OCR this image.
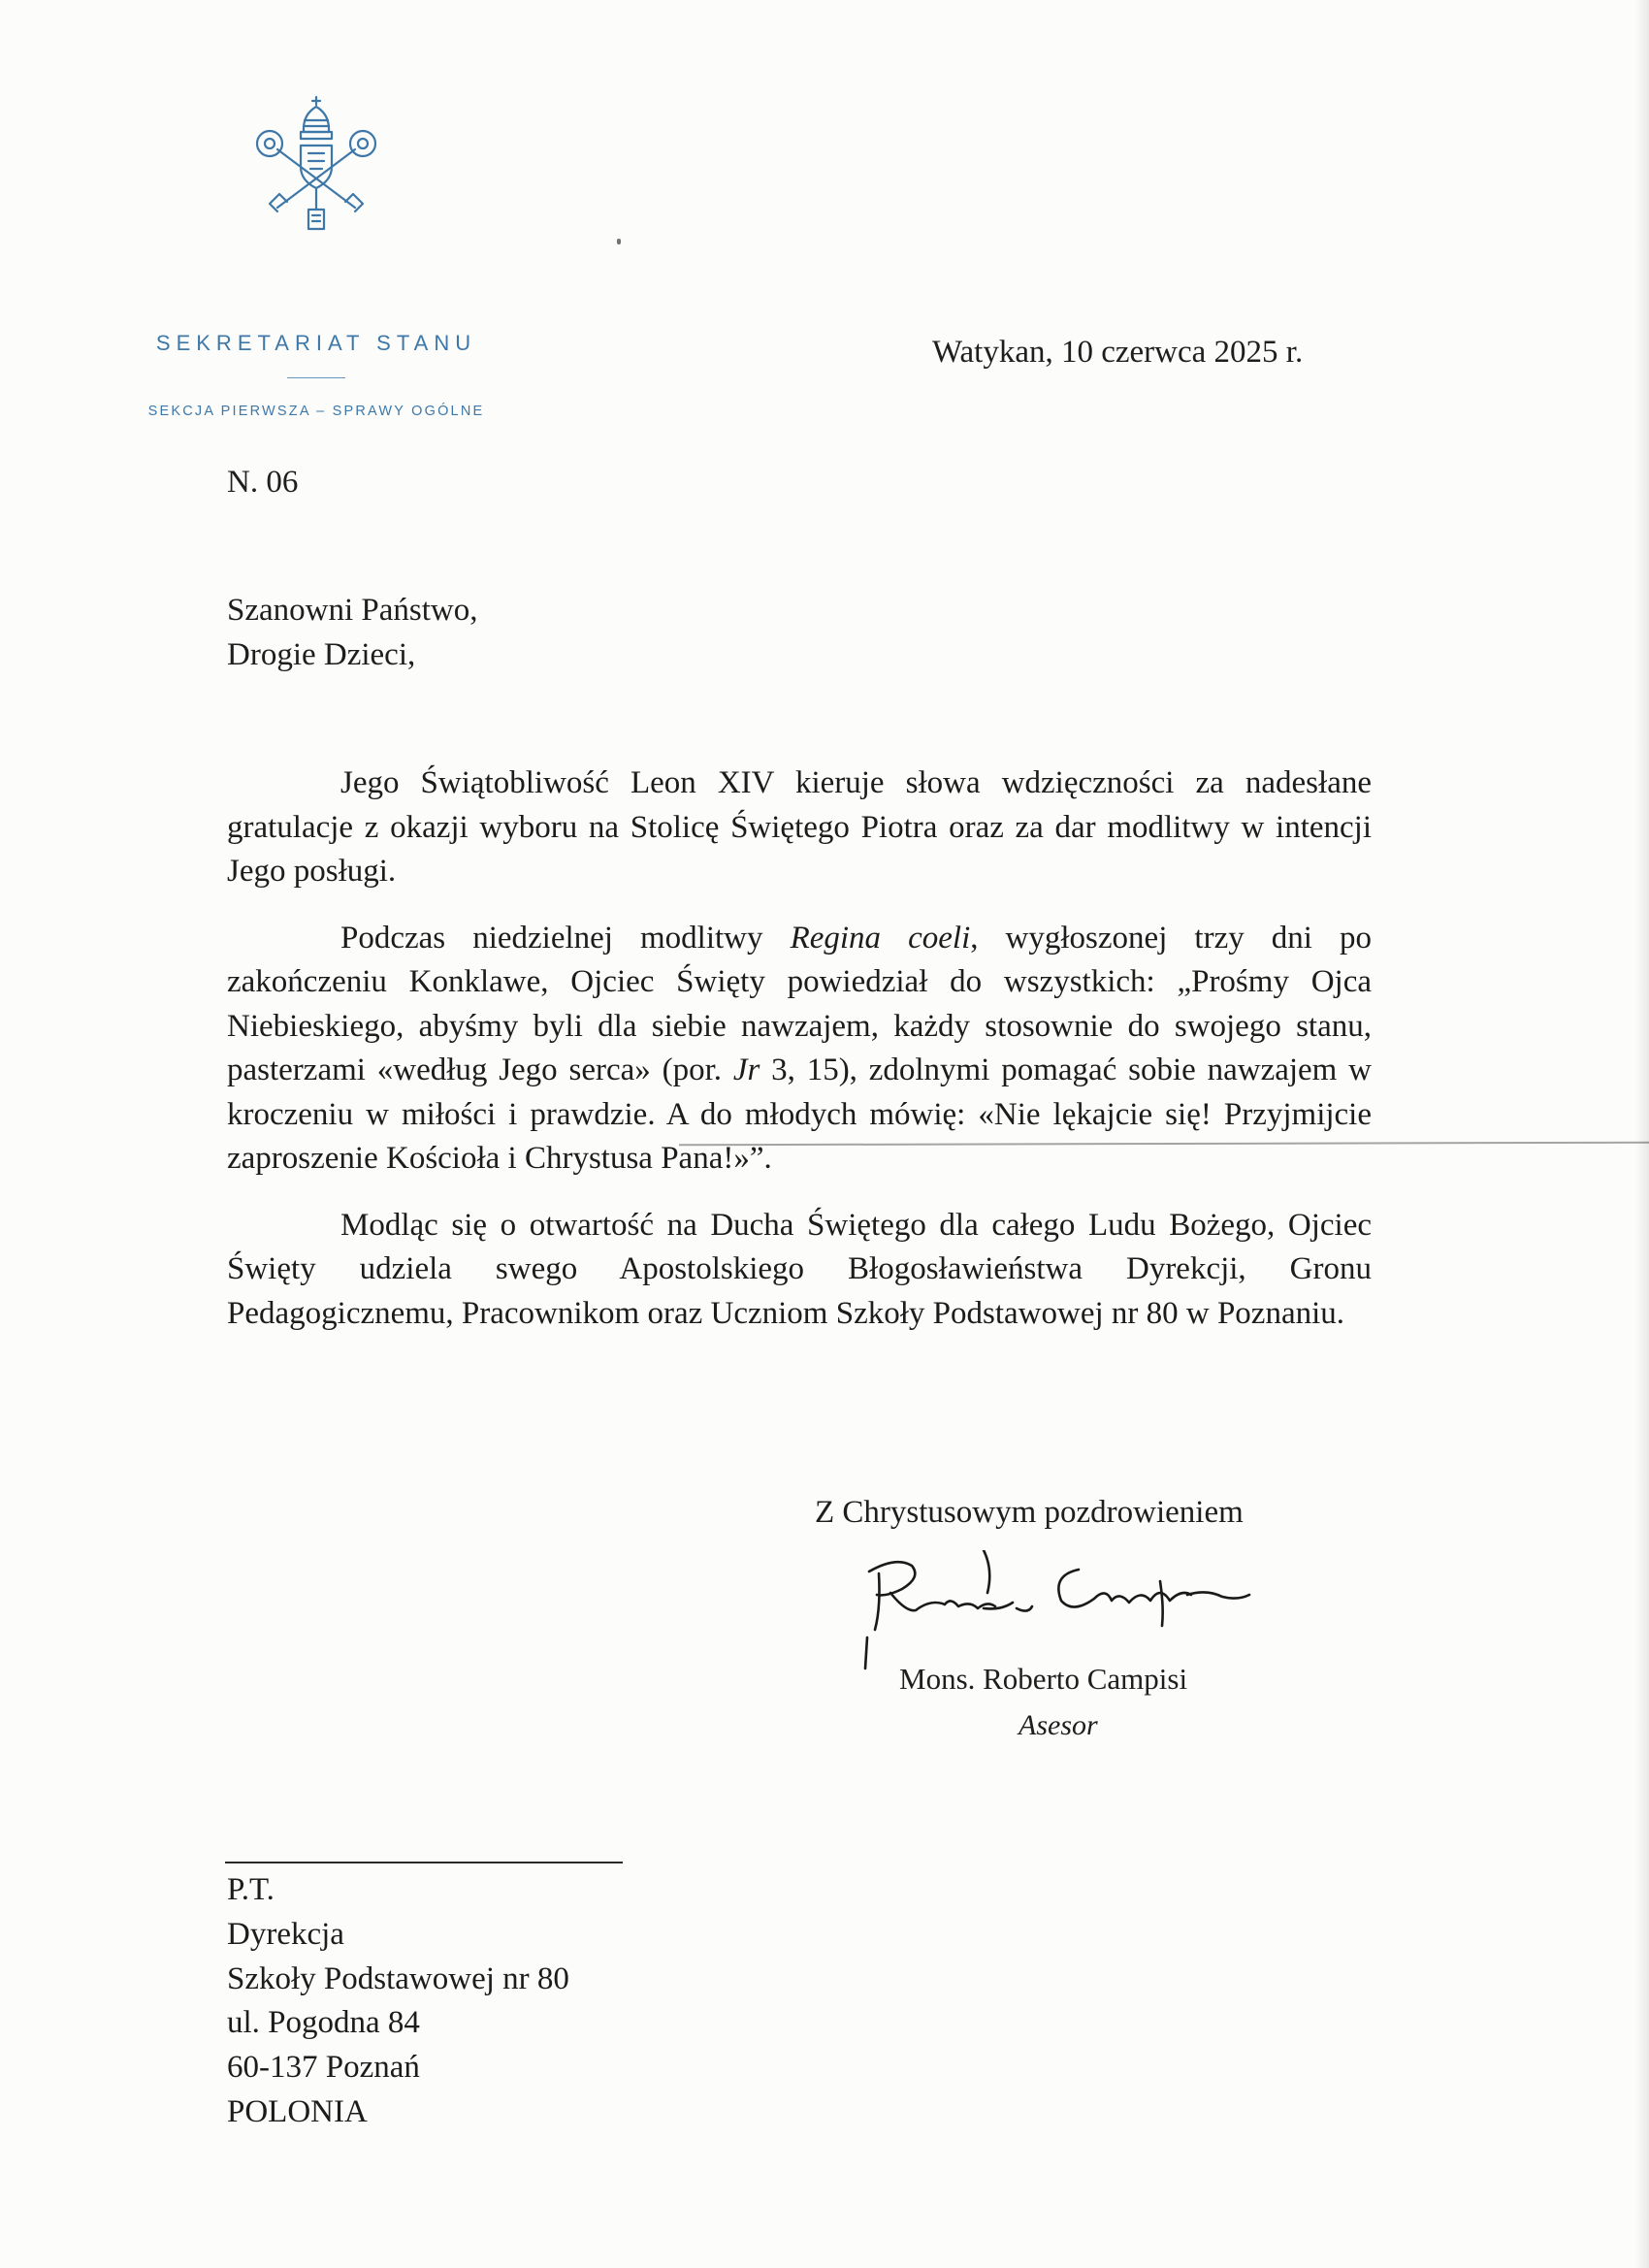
SEKRETARIAT STANU
SEKCJA PIERWSZA – SPRAWY OGÓLNE
Watykan, 10 czerwca 2025 r.
N. 06
Szanowni Państwo,
Drogie Dzieci,

Jego Świątobliwość Leon XIV kieruje słowa wdzięczności za nadesłane gratulacje z okazji wyboru na Stolicę Świętego Piotra oraz za dar modlitwy w intencji Jego posługi.

Podczas niedzielnej modlitwy Regina coeli, wygłoszonej trzy dni po zakończeniu Konklawe, Ojciec Święty powiedział do wszystkich: „Prośmy Ojca Niebieskiego, abyśmy byli dla siebie nawzajem, każdy stosownie do swojego stanu, pasterzami «według Jego serca» (por. Jr 3, 15), zdolnymi pomagać sobie nawzajem w kroczeniu w miłości i prawdzie. A do młodych mówię: «Nie lękajcie się! Przyjmijcie zaproszenie Kościoła i Chrystusa Pana!»”.

Modląc się o otwartość na Ducha Świętego dla całego Ludu Bożego, Ojciec Święty udziela swego Apostolskiego Błogosławieństwa Dyrekcji, Gronu Pedagogicznemu, Pracownikom oraz Uczniom Szkoły Podstawowej nr 80 w Poznaniu.

Z Chrystusowym pozdrowieniem
Mons. Roberto Campisi
Asesor
P.T.
Dyrekcja
Szkoły Podstawowej nr 80
ul. Pogodna 84
60-137 Poznań
POLONIA
